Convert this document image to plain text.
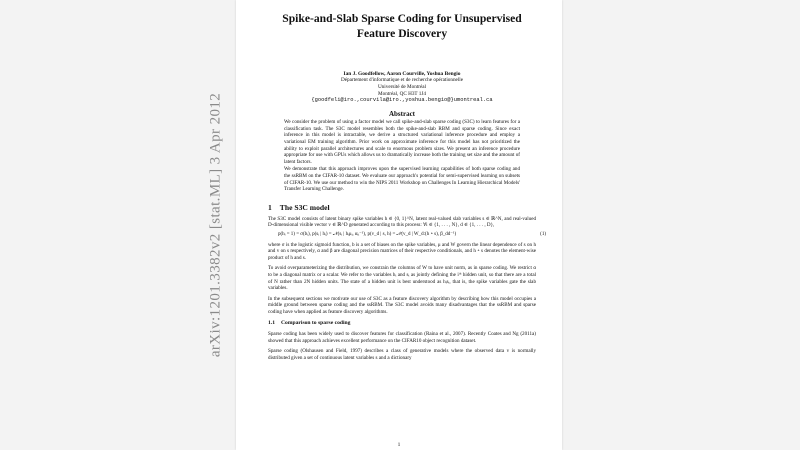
arXiv:1201.3382v2 [stat.ML] 3 Apr 2012
Spike-and-Slab Sparse Coding for Unsupervised Feature Discovery
Ian J. Goodfellow, Aaron Courville, Yoshua Bengio
Département d'informatique et de recherche opérationnelle
Université de Montréal
Montréal, QC H3T 1J4
{goodfeli@iro.,courvila@iro.,yoshua.bengio@}umontreal.ca
Abstract

We consider the problem of using a factor model we call spike-and-slab sparse coding (S3C) to learn features for a classification task. The S3C model resembles both the spike-and-slab RBM and sparse coding. Since exact inference in this model is intractable, we derive a structured variational inference procedure and employ a variational EM training algorithm. Prior work on approximate inference for this model has not prioritized the ability to exploit parallel architectures and scale to enormous problem sizes. We present an inference procedure appropriate for use with GPUs which allows us to dramatically increase both the training set size and the amount of latent factors.

We demonstrate that this approach improves upon the supervised learning capabilities of both sparse coding and the ssRBM on the CIFAR-10 dataset. We evaluate our approach's potential for semi-supervised learning on subsets of CIFAR-10. We use our method to win the NIPS 2011 Workshop on Challenges In Learning Hierarchical Models' Transfer Learning Challenge.

1 The S3C model

The S3C model consists of latent binary spike variables h ∈ {0, 1}^N, latent real-valued slab variables s ∈ ℝ^N, and real-valued D-dimensional visible vector v ∈ ℝ^D generated according to this process: ∀i ∈ {1, . . . , N}, d ∈ {1, . . . , D},

p(hᵢ = 1) = σ(bᵢ), p(sᵢ | hᵢ) = 𝒩(sᵢ | hᵢμᵢ, αᵢᵢ⁻¹), p(v_d | s, h) = 𝒩(v_d | W_d:(h ∘ s), β_dd⁻¹)	(1)

where σ is the logistic sigmoid function, b is a set of biases on the spike variables, μ and W govern the linear dependence of s on h and v on s respectively, α and β are diagonal precision matrices of their respective conditionals, and h ∘ s denotes the element-wise product of h and s.

To avoid overparameterizing the distribution, we constrain the columns of W to have unit norm, as in sparse coding. We restrict α to be a diagonal matrix or a scalar. We refer to the variables hᵢ and sᵢ as jointly defining the iᵗʰ hidden unit, so that there are a total of N rather than 2N hidden units. The state of a hidden unit is best understood as hᵢsᵢ, that is, the spike variables gate the slab variables.

In the subsequent sections we motivate our use of S3C as a feature discovery algorithm by describing how this model occupies a middle ground between sparse coding and the ssRBM. The S3C model avoids many disadvantages that the ssRBM and sparse coding have when applied as feature discovery algorithms.

1.1 Comparison to sparse coding

Sparse coding has been widely used to discover features for classification (Raina et al., 2007). Recently Coates and Ng (2011a) showed that this approach achieves excellent performance on the CIFAR10 object recognition dataset.

Sparse coding (Olshausen and Field, 1997) describes a class of generative models where the observed data v is normally distributed given a set of continuous latent variables s and a dictionary

1
